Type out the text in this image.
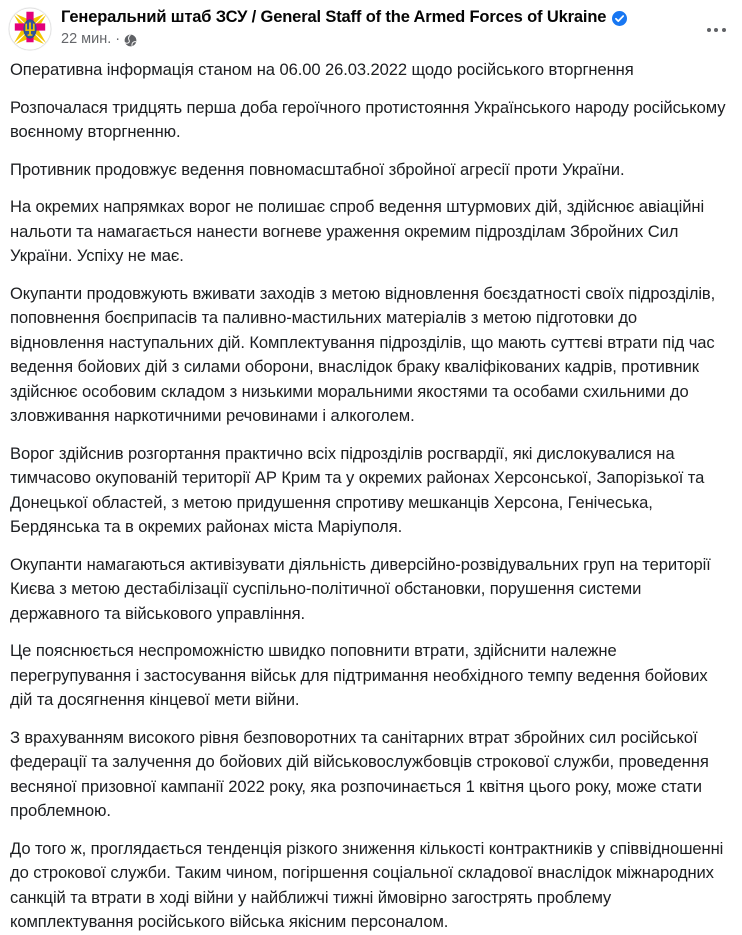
Генеральний штаб ЗСУ / General Staff of the Armed Forces of Ukraine
22 мин. ·

Оперативна інформація станом на 06.00 26.03.2022 щодо російського вторгнення

Розпочалася тридцять перша доба героїчного протистояння Українського народу російському воєнному вторгненню.

Противник продовжує ведення повномасштабної збройної агресії проти України.

На окремих напрямках ворог не полишає спроб ведення штурмових дій, здійснює авіаційні нальоти та намагається нанести вогневе ураження окремим підрозділам Збройних Сил України. Успіху не має.

Окупанти продовжують вживати заходів з метою відновлення боєздатності своїх підрозділів, поповнення боєприпасів та паливно-мастильних матеріалів з метою підготовки до відновлення наступальних дій. Комплектування підрозділів, що мають суттєві втрати під час ведення бойових дій з силами оборони, внаслідок браку кваліфікованих кадрів, противник здійснює особовим складом з низькими моральними якостями та особами схильними до зловживання наркотичними речовинами і алкоголем.

Ворог здійснив розгортання практично всіх підрозділів росгвардії, які дислокувалися на тимчасово окупованій території АР Крим та у окремих районах Херсонської, Запорізької та Донецької областей, з метою придушення спротиву мешканців Херсона, Генічеська, Бердянська та в окремих районах міста Маріуполя.

Окупанти намагаються активізувати діяльність диверсійно-розвідувальних груп на території Києва з метою дестабілізації суспільно-політичної обстановки, порушення системи державного та військового управління.

Це пояснюється неспроможністю швидко поповнити втрати, здійснити належне перегрупування і застосування військ для підтримання необхідного темпу ведення бойових дій та досягнення кінцевої мети війни.

З врахуванням високого рівня безповоротних та санітарних втрат збройних сил російської федерації та залучення до бойових дій військовослужбовців строкової служби, проведення весняної призовної кампанії 2022 року, яка розпочинається 1 квітня цього року, може стати проблемною.

До того ж, проглядається тенденція різкого зниження кількості контрактників у співвідношенні до строкової служби. Таким чином, погіршення соціальної складової внаслідок міжнародних санкцій та втрати в ході війни у найближчі тижні ймовірно загострять проблему комплектування російського війська якісним персоналом.
